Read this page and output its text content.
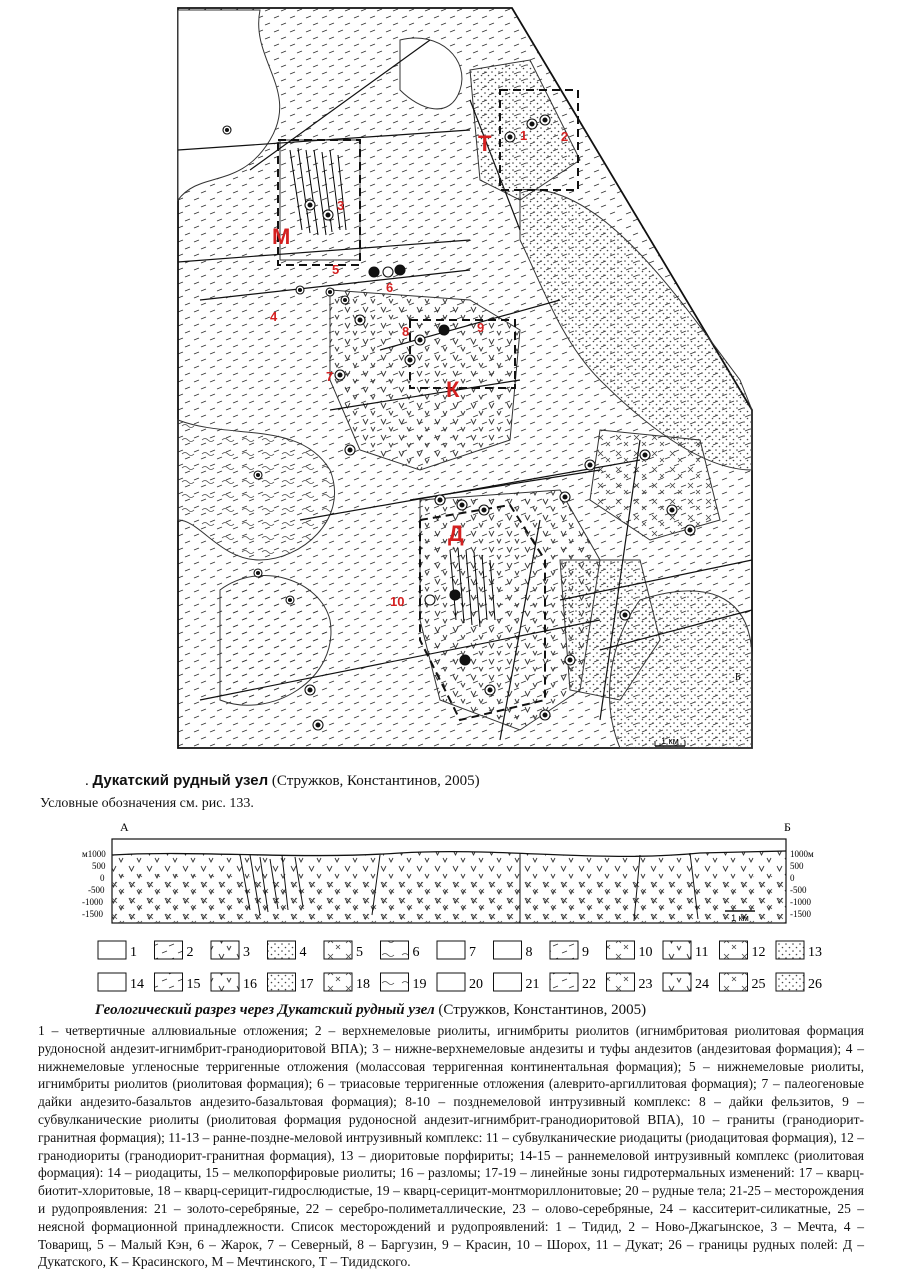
1 км
Б
Т
М
К
Д
1	2
3
4
5
6
7
8	9
10
. Дукатский рудный узел (Стружков, Константинов, 2005)
Условные обозначения см. рис. 133.
А	Б
м1000
500
0
-500
-1000
-1500
1000м
500
0
-500
-1000
-1500
1 км
1	2	3	4	5	6	7	8	9	10	11	12	13
14	15	16	17	18	19	20	21	22	23	24	25	26
Геологический разрез через Дукатский рудный узел (Стружков, Константинов, 2005)
1 – четвертичные аллювиальные отложения; 2 – верхнемеловые риолиты, игнимбриты риолитов (игнимбритовая риолитовая формация рудоносной андезит-игнимбрит-гранодиоритовой ВПА); 3 – нижне-верхнемеловые андезиты и туфы андезитов (андезитовая формация); 4 – нижнемеловые угленосные терригенные отложения (молассовая терригенная континентальная формация); 5 – нижнемеловые риолиты, игнимбриты риолитов (риолитовая формация); 6 – триасовые терригенные отложения (алеврито-аргиллитовая формация); 7 – палеогеновые дайки андезито-базальтов андезито-базальтовая формация); 8-10 – позднемеловой интрузивный комплекс: 8 – дайки фельзитов, 9 – субвулканические риолиты (риолитовая формация рудоносной андезит-игнимбрит-гранодиоритовой ВПА), 10 – граниты (гранодиорит-гранитная формация); 11-13 – ранне-поздне-меловой интрузивный комплекс: 11 – субвулканические риодациты (риодацитовая формация), 12 – гранодиориты (гранодиорит-гранитная формация), 13 – диоритовые порфириты; 14-15 – раннемеловой интрузивный комплекс (риолитовая формация): 14 – риодациты, 15 – мелкопорфировые риолиты; 16 – разломы; 17-19 – линейные зоны гидротермальных изменений: 17 – кварц-биотит-хлоритовые, 18 – кварц-серицит-гидрослюдистые, 19 – кварц-серицит-монтмориллонитовые; 20 – рудные тела; 21-25 – месторождения и рудопроявления: 21 – золото-серебряные, 22 – серебро-полиметаллические, 23 – олово-серебряные, 24 – касситерит-силикатные, 25 – неясной формационной принадлежности. Список месторождений и рудопроявлений: 1 – Тидид, 2 – Ново-Джагынское, 3 – Мечта, 4 – Товарищ, 5 – Малый Кэн, 6 – Жарок, 7 – Северный, 8 – Баргузин, 9 – Красин, 10 – Шорох, 11 – Дукат; 26 – границы рудных полей: Д – Дукатского, К – Красинского, М – Мечтинского, Т – Тидидского.
